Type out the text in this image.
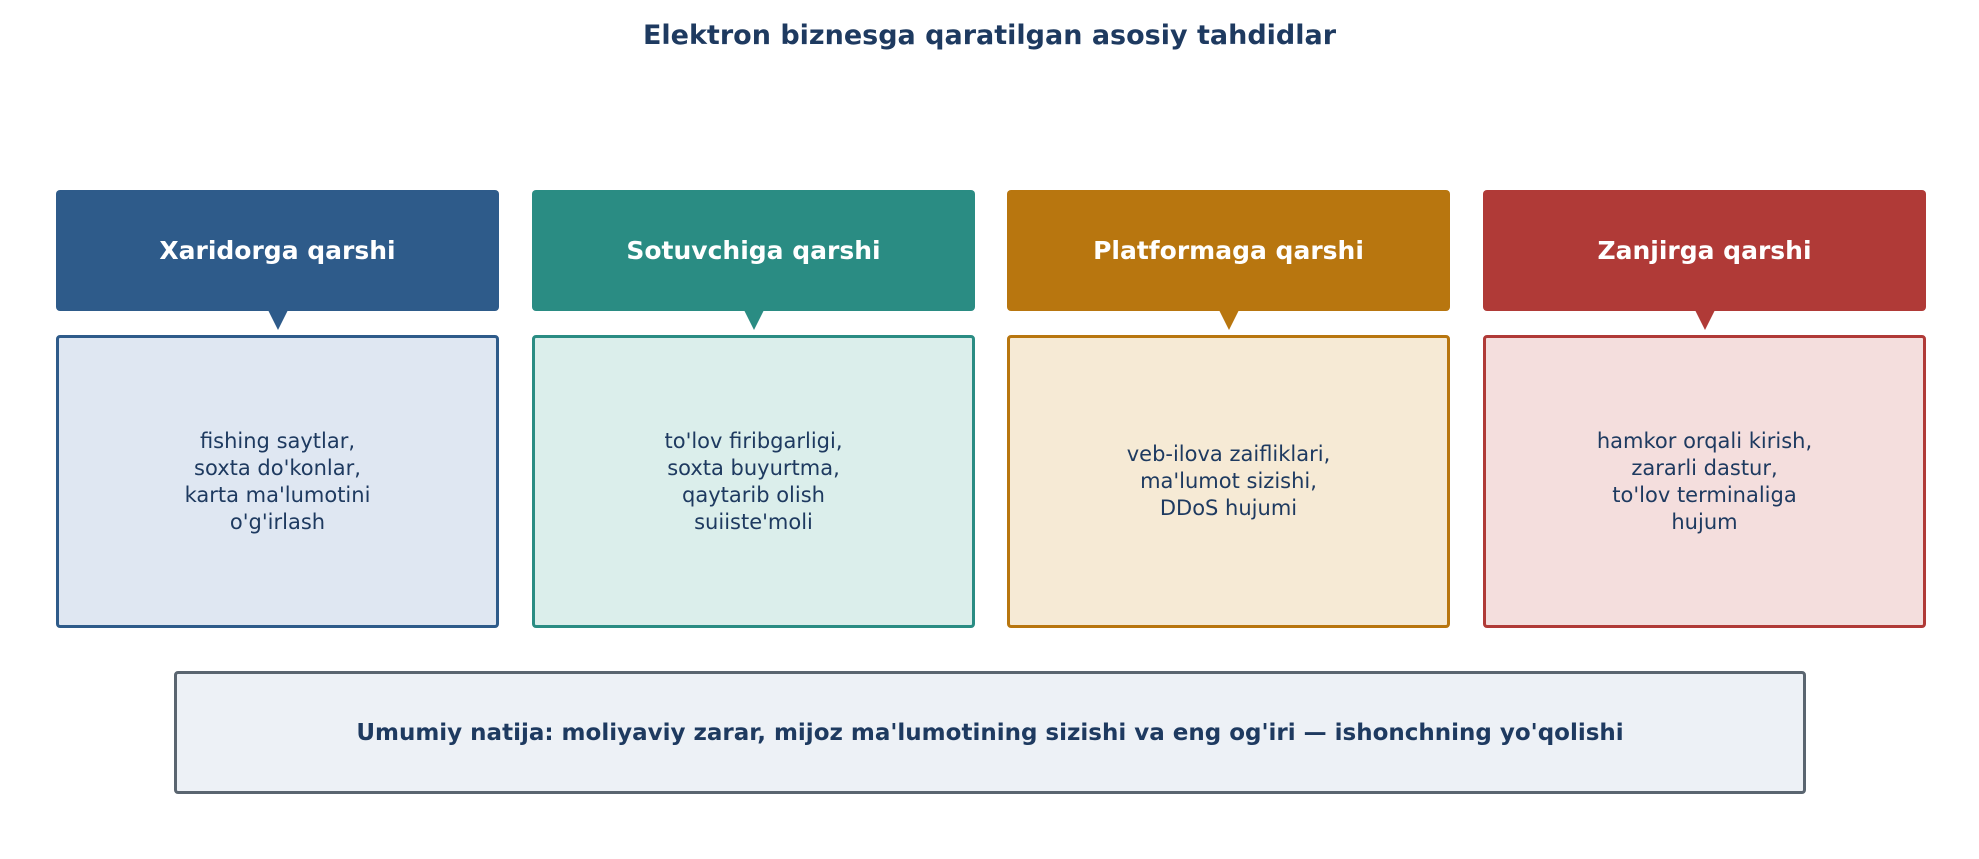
Elektron biznesga qaratilgan asosiy tahdidlar
Xaridorga qarshi
fishing saytlar,
soxta do'konlar,
karta ma'lumotini
o'g'irlash
Sotuvchiga qarshi
to'lov firibgarligi,
soxta buyurtma,
qaytarib olish
suiiste'moli
Platformaga qarshi
veb-ilova zaifliklari,
ma'lumot sizishi,
DDoS hujumi
Zanjirga qarshi
hamkor orqali kirish,
zararli dastur,
to'lov terminaliga
hujum
Umumiy natija: moliyaviy zarar, mijoz ma'lumotining sizishi va eng og'iri — ishonchning yo'qolishi
